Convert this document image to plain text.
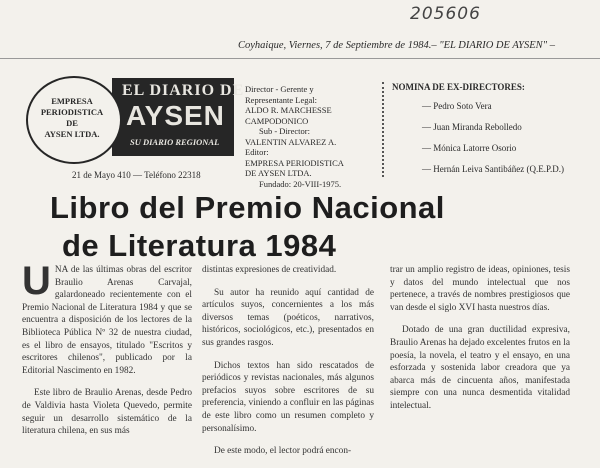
205606
Coyhaique, Viernes, 7 de Septiembre de 1984.– "EL DIARIO DE AYSEN" –
EL DIARIO DE
AYSEN
SU DIARIO REGIONAL
EMPRESA
PERIODISTICA
DE
AYSEN LTDA.
21 de Mayo 410 — Teléfono 22318
Director - Gerente y
Representante Legal:
ALDO R. MARCHESSE
CAMPODONICO
Sub - Director:
VALENTIN ALVAREZ A.
Editor:
EMPRESA PERIODISTICA
DE AYSEN LTDA.
Fundado: 20-VIII-1975.
NOMINA DE EX-DIRECTORES:
— Pedro Soto Vera
— Juan Miranda Rebolledo
— Mónica Latorre Osorio
— Hernán Leiva Santibáñez (Q.E.P.D.)
Libro del Premio Nacional
de Literatura 1984

UNA de las últimas obras del escritor Braulio Arenas Carvajal, galardoneado recientemente con el Premio Nacional de Literatura 1984 y que se encuentra a disposición de los lectores de la Biblioteca Pública Nº 32 de nuestra ciudad, es el libro de ensayos, titulado "Escritos y escritores chilenos", publicado por la Editorial Nascimento en 1982.

Este libro de Braulio Arenas, desde Pedro de Valdivia hasta Violeta Quevedo, permite seguir un desarrollo sistemático de la literatura chilena, en sus más

distintas expresiones de creatividad.

Su autor ha reunido aquí cantidad de artículos suyos, concernientes a los más diversos temas (poéticos, narrativos, históricos, sociológicos, etc.), presentados en sus grandes rasgos.

Dichos textos han sido rescatados de periódicos y revistas nacionales, más algunos prefacios suyos sobre escritores de su preferencia, viniendo a confluir en las páginas de este libro como un resumen completo y personalísimo.

De este modo, el lector podrá encon-

trar un amplio registro de ideas, opiniones, tesis y datos del mundo intelectual que nos pertenece, a través de nombres prestigiosos que van desde el siglo XVI hasta nuestros días.

Dotado de una gran ductilidad expresiva, Braulio Arenas ha dejado excelentes frutos en la poesía, la novela, el teatro y el ensayo, en una esforzada y sostenida labor creadora que ya abarca más de cincuenta años, manifestada siempre con una nunca desmentida vitalidad intelectual.
